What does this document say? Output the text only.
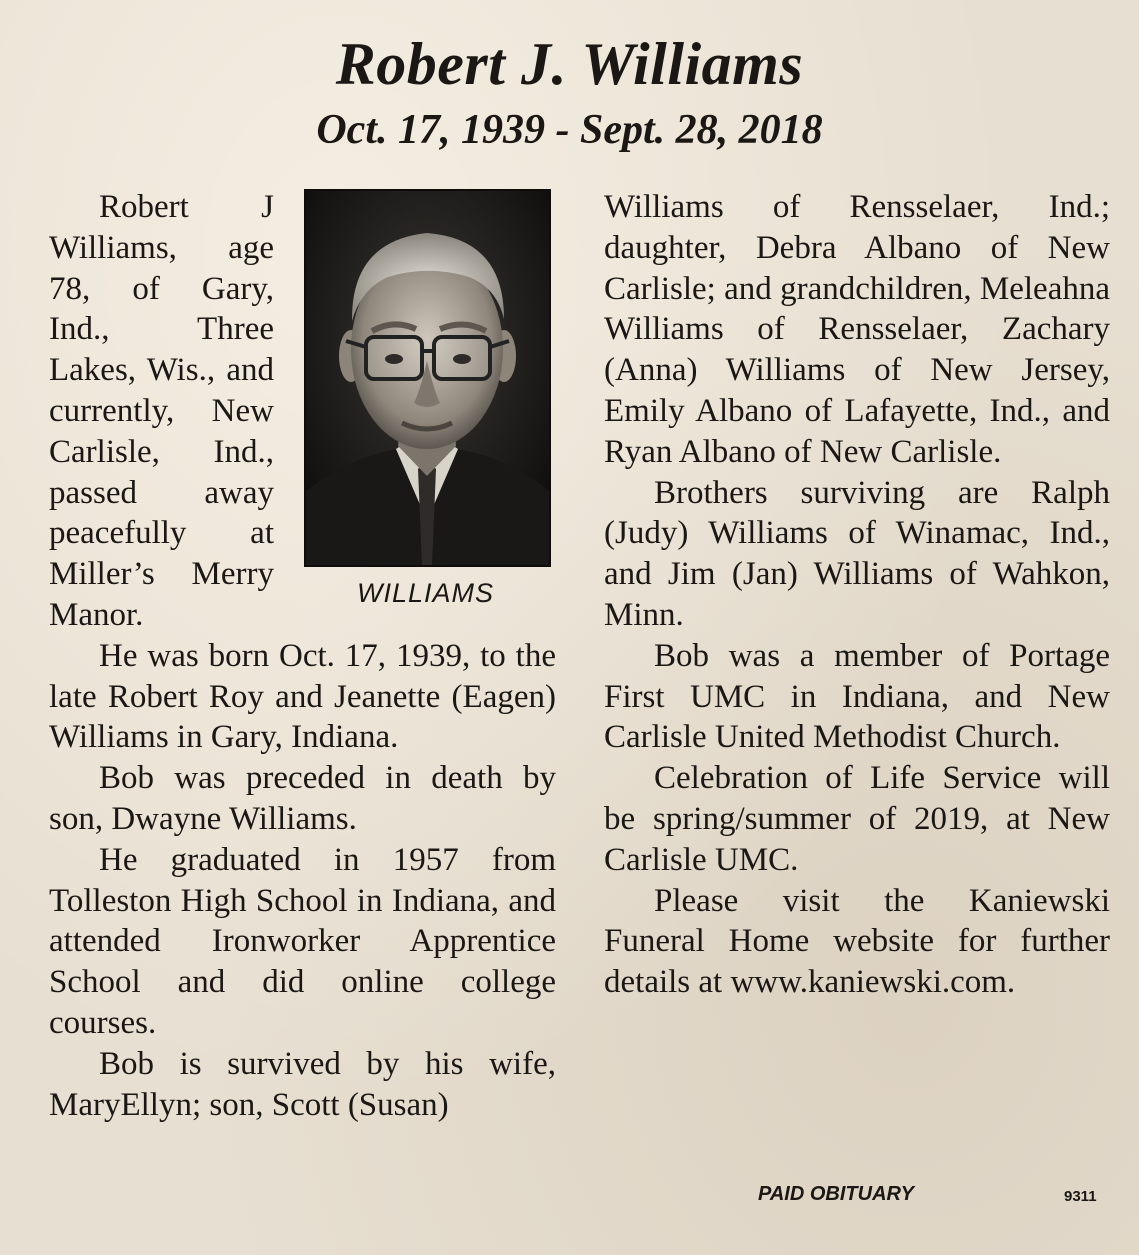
Robert J. Williams
Oct. 17, 1939 - Sept. 28, 2018
WILLIAMS

Robert J Williams, age 78, of Gary, Ind., Three Lakes, Wis., and currently, New Carlisle, Ind., passed away peacefully at Miller’s Merry Manor.

He was born Oct. 17, 1939, to the late Robert Roy and Jeanette (Eagen) Williams in Gary, Indiana.

Bob was preceded in death by son, Dwayne Williams.

He graduated in 1957 from Tolleston High School in Indiana, and attended Ironworker Apprentice School and did online college courses.

Bob is survived by his wife, MaryEllyn; son, Scott (Susan)

Williams of Rensselaer, Ind.; daughter, Debra Albano of New Carlisle; and grandchildren, Meleahna Williams of Rensselaer, Zachary (Anna) Williams of New Jersey, Emily Albano of Lafayette, Ind., and Ryan Albano of New Carlisle.

Brothers surviving are Ralph (Judy) Williams of Winamac, Ind., and Jim (Jan) Williams of Wahkon, Minn.

Bob was a member of Portage First UMC in Indiana, and New Carlisle United Methodist Church.

Celebration of Life Service will be spring/summer of 2019, at New Carlisle UMC.

Please visit the Kaniewski Funeral Home website for further details at www.kaniewski.com.

PAID OBITUARY	9311
